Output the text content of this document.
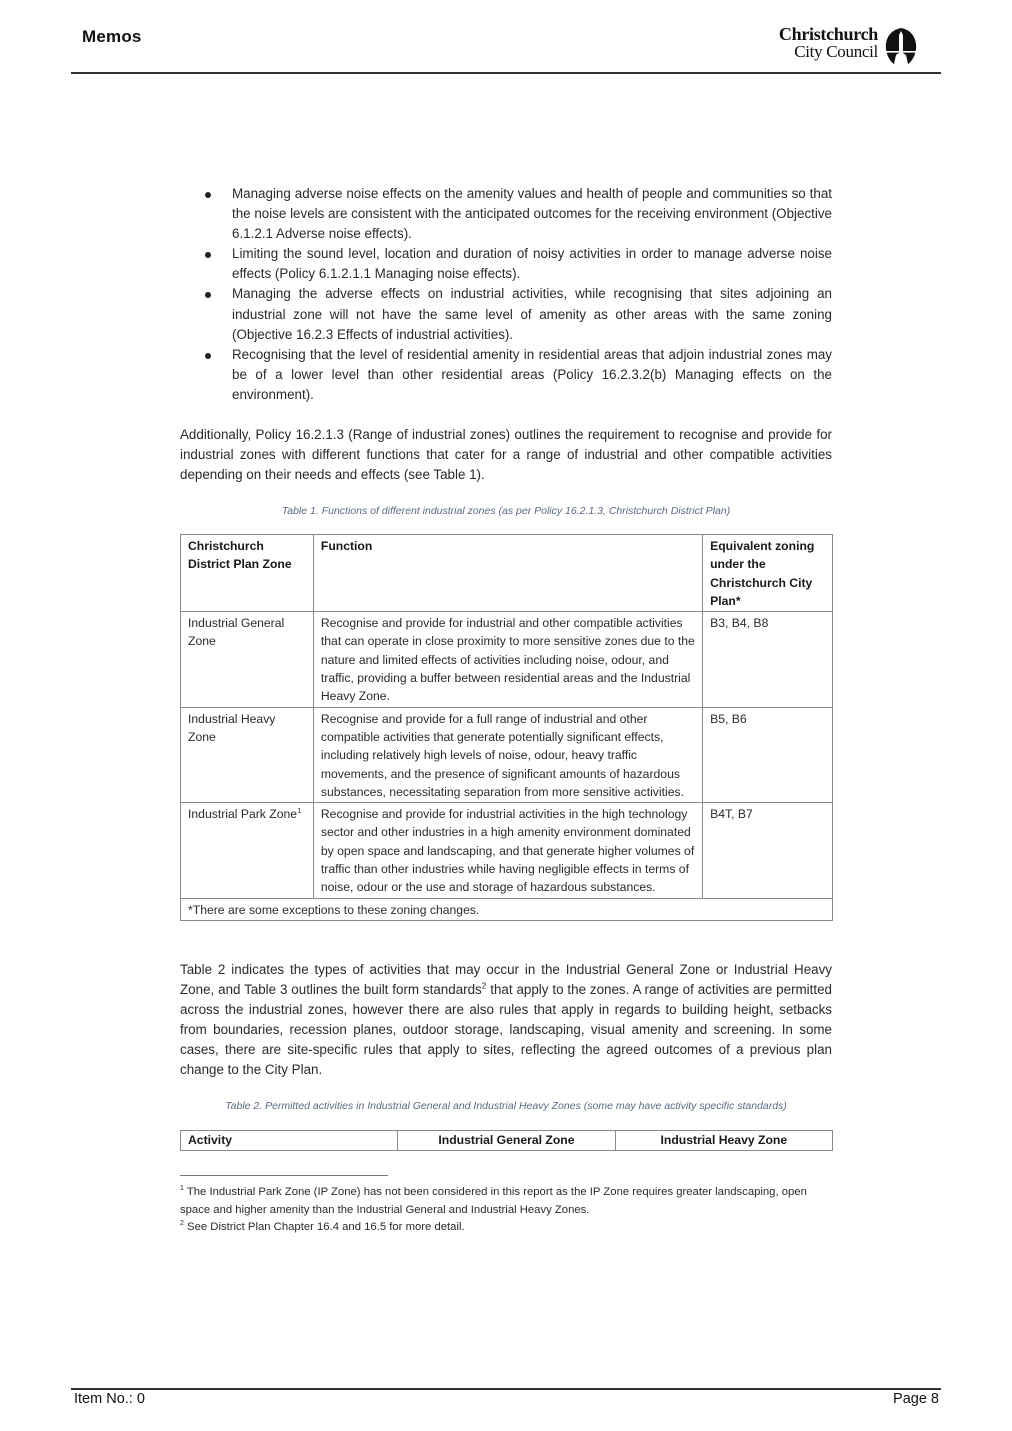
Memos	Christchurch
City Council
Managing adverse noise effects on the amenity values and health of people and communities so that the noise levels are consistent with the anticipated outcomes for the receiving environment (Objective 6.1.2.1 Adverse noise effects).
Limiting the sound level, location and duration of noisy activities in order to manage adverse noise effects (Policy 6.1.2.1.1 Managing noise effects).
Managing the adverse effects on industrial activities, while recognising that sites adjoining an industrial zone will not have the same level of amenity as other areas with the same zoning (Objective 16.2.3 Effects of industrial activities).
Recognising that the level of residential amenity in residential areas that adjoin industrial zones may be of a lower level than other residential areas (Policy 16.2.3.2(b) Managing effects on the environment).
Additionally, Policy 16.2.1.3 (Range of industrial zones) outlines the requirement to recognise and provide for industrial zones with different functions that cater for a range of industrial and other compatible activities depending on their needs and effects (see Table 1).
Table 1. Functions of different industrial zones (as per Policy 16.2.1.3, Christchurch District Plan)
Christchurch District Plan Zone	Function	Equivalent zoning under the Christchurch City Plan*
Industrial General Zone	Recognise and provide for industrial and other compatible activities that can operate in close proximity to more sensitive zones due to the nature and limited effects of activities including noise, odour, and traffic, providing a buffer between residential areas and the Industrial Heavy Zone.	B3, B4, B8
Industrial Heavy Zone	Recognise and provide for a full range of industrial and other compatible activities that generate potentially significant effects, including relatively high levels of noise, odour, heavy traffic movements, and the presence of significant amounts of hazardous substances, necessitating separation from more sensitive activities.	B5, B6
Industrial Park Zone$^1$	Recognise and provide for industrial activities in the high technology sector and other industries in a high amenity environment dominated by open space and landscaping, and that generate higher volumes of traffic than other industries while having negligible effects in terms of noise, odour or the use and storage of hazardous substances.	B4T, B7
*There are some exceptions to these zoning changes.		
Table 2 indicates the types of activities that may occur in the Industrial General Zone or Industrial Heavy Zone, and Table 3 outlines the built form standards$^2$ that apply to the zones. A range of activities are permitted across the industrial zones, however there are also rules that apply in regards to building height, setbacks from boundaries, recession planes, outdoor storage, landscaping, visual amenity and screening. In some cases, there are site-specific rules that apply to sites, reflecting the agreed outcomes of a previous plan change to the City Plan.
Table 2. Permitted activities in Industrial General and Industrial Heavy Zones (some may have activity specific standards)
Activity	Industrial General Zone	Industrial Heavy Zone
$^1$ The Industrial Park Zone (IP Zone) has not been considered in this report as the IP Zone requires greater landscaping, open space and higher amenity than the Industrial General and Industrial Heavy Zones.
$^2$ See District Plan Chapter 16.4 and 16.5 for more detail.
Item No.: 0	Page 8
